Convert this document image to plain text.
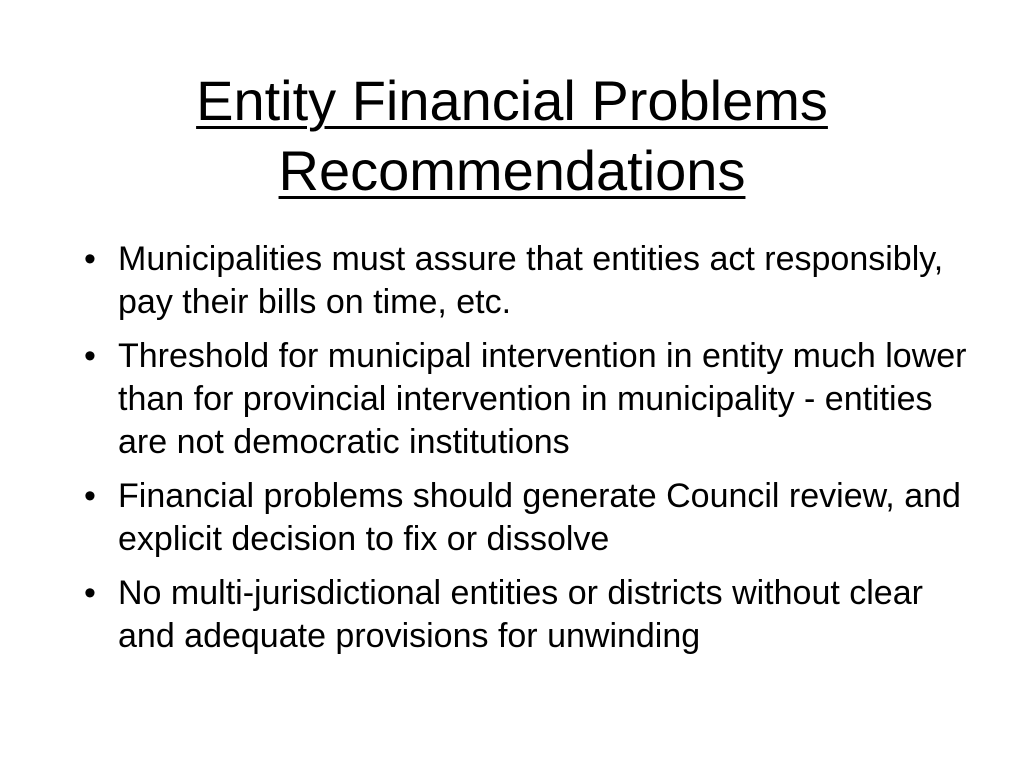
Entity Financial Problems
Recommendations
• Municipalities must assure that entities act responsibly, pay their bills on time, etc.
• Threshold for municipal intervention in entity much lower than for provincial intervention in municipality - entities are not democratic institutions
• Financial problems should generate Council review, and explicit decision to fix or dissolve
• No multi-jurisdictional entities or districts without clear and adequate provisions for unwinding
